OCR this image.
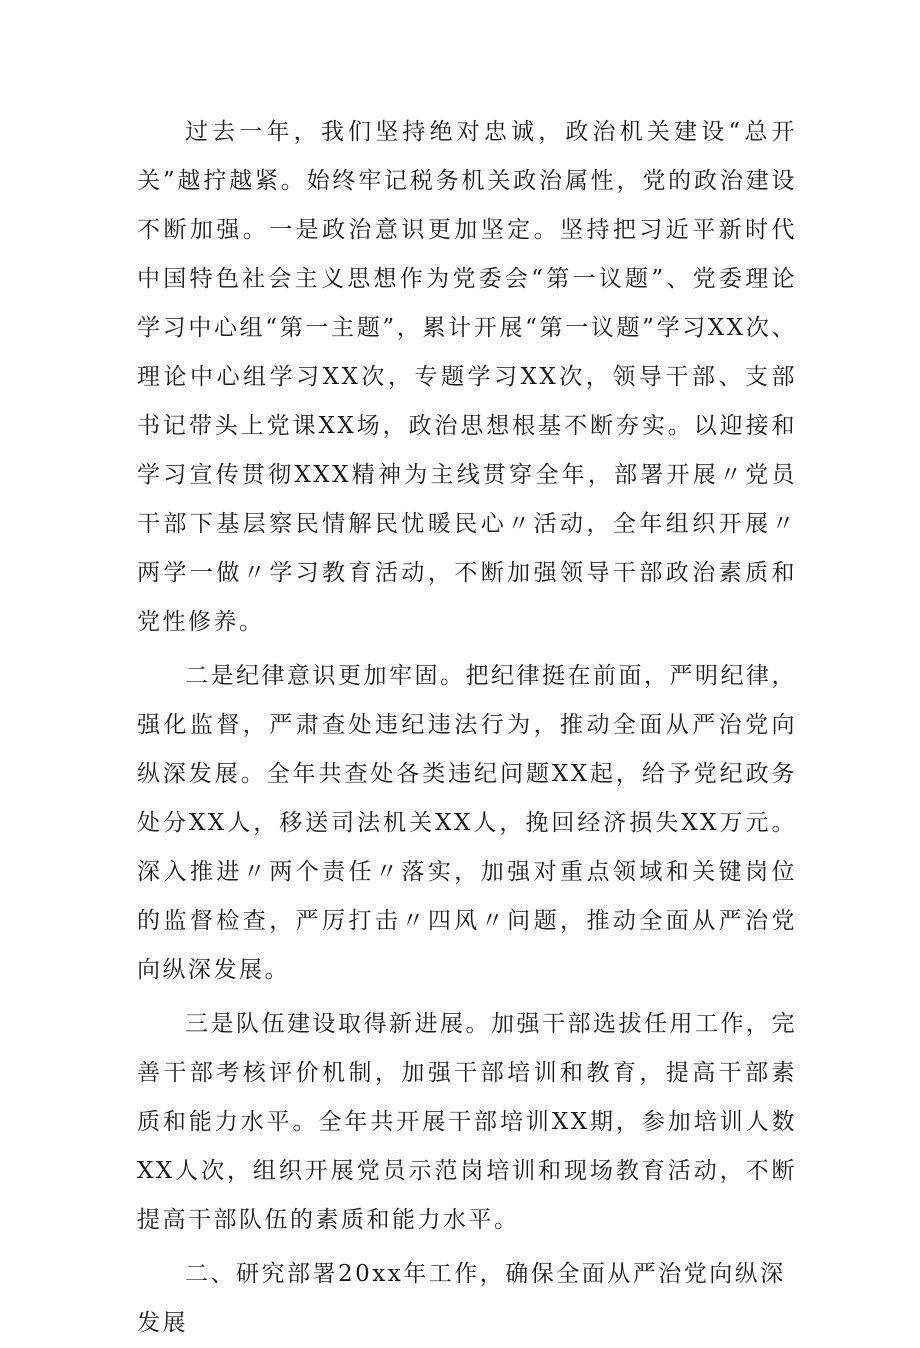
过去一年，我们坚持绝对忠诚，政治机关建设“总开关”越拧越紧。始终牢记税务机关政治属性，党的政治建设不断加强。一是政治意识更加坚定。坚持把习近平新时代中国特色社会主义思想作为党委会“第一议题”、党委理论学习中心组“第一主题”，累计开展“第一议题”学习XX次、理论中心组学习XX次，专题学习XX次，领导干部、支部书记带头上党课XX场，政治思想根基不断夯实。以迎接和学习宣传贯彻XXX精神为主线贯穿全年，部署开展〃党员干部下基层察民情解民忧暖民心〃活动，全年组织开展〃两学一做〃学习教育活动，不断加强领导干部政治素质和党性修养。

二是纪律意识更加牢固。把纪律挺在前面，严明纪律，强化监督，严肃查处违纪违法行为，推动全面从严治党向纵深发展。全年共查处各类违纪问题XX起，给予党纪政务处分XX人，移送司法机关XX人，挽回经济损失XX万元。深入推进〃两个责任〃落实，加强对重点领域和关键岗位的监督检查，严厉打击〃四风〃问题，推动全面从严治党向纵深发展。

三是队伍建设取得新进展。加强干部选拔任用工作，完善干部考核评价机制，加强干部培训和教育，提高干部素质和能力水平。全年共开展干部培训XX期，参加培训人数XX人次，组织开展党员示范岗培训和现场教育活动，不断提高干部队伍的素质和能力水平。

二、研究部署20xx年工作，确保全面从严治党向纵深发展
